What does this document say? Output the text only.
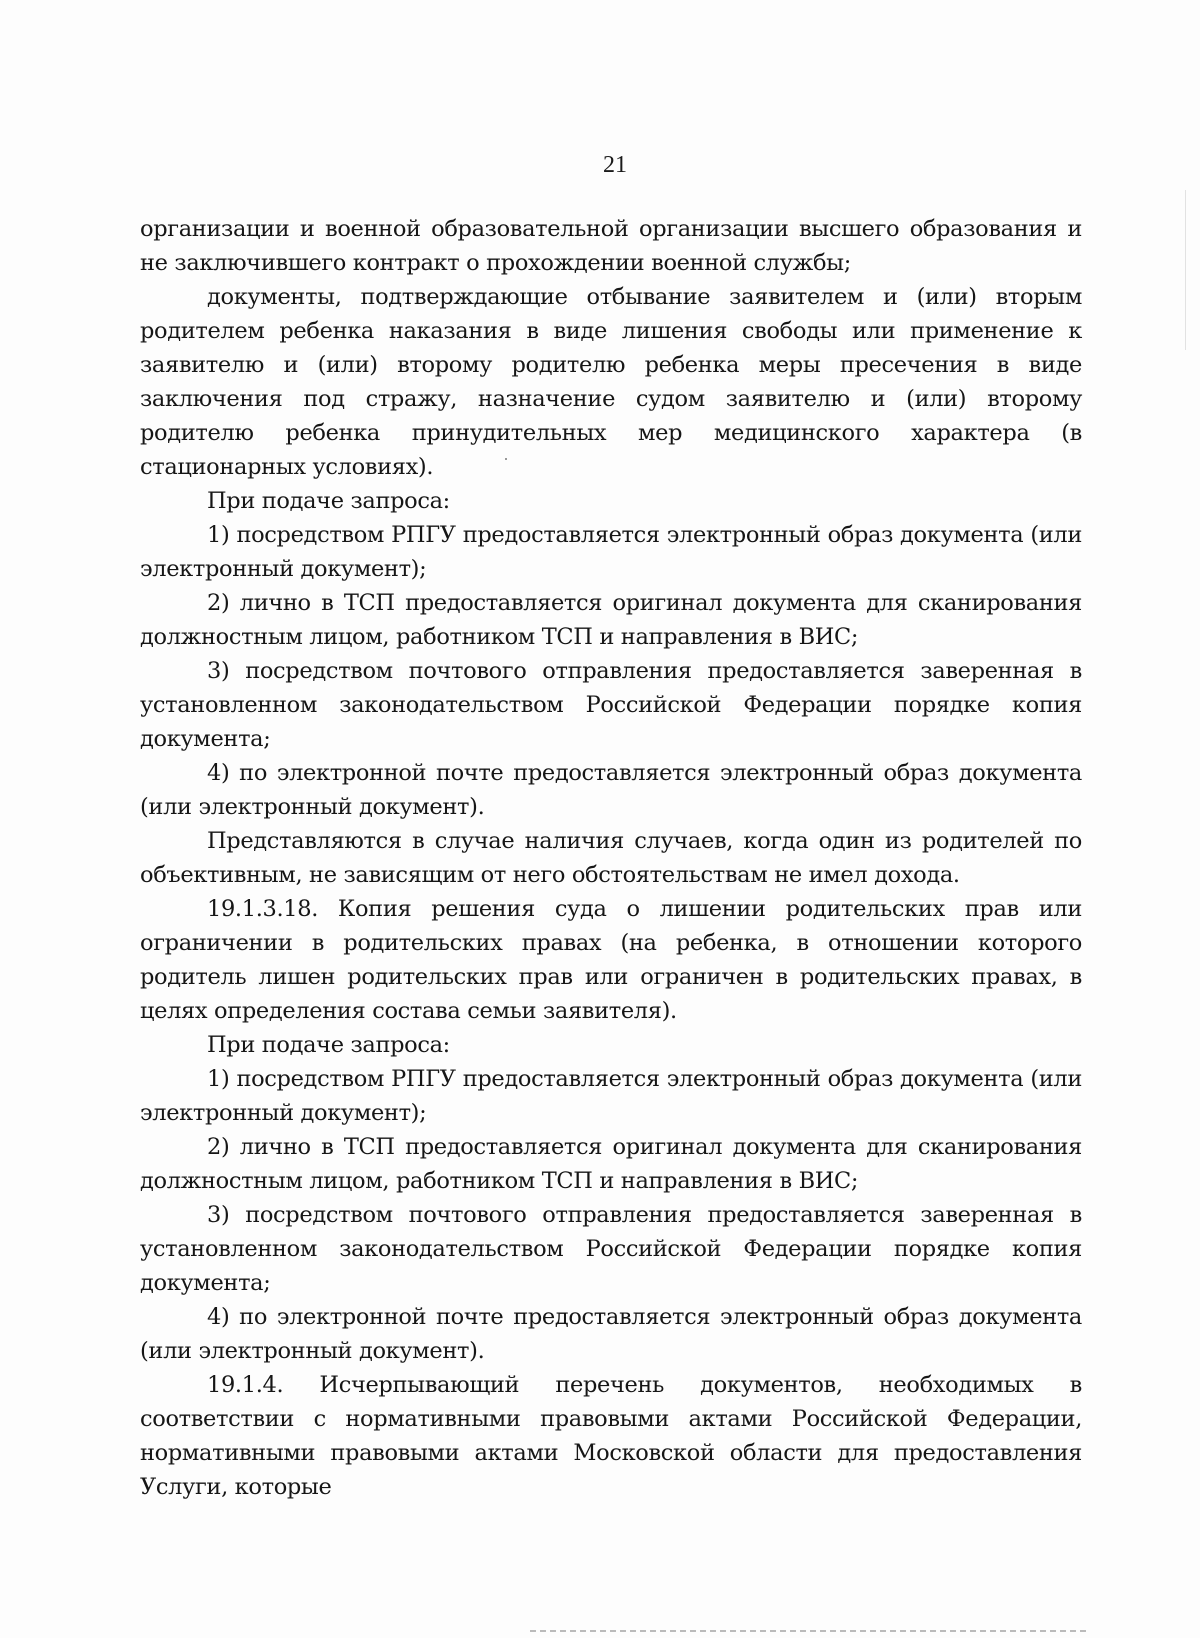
21

организации и военной образовательной организации высшего образования и не заключившего контракт о прохождении военной службы;

документы, подтверждающие отбывание заявителем и (или) вторым родителем ребенка наказания в виде лишения свободы или применение к заявителю и (или) второму родителю ребенка меры пресечения в виде заключения под стражу, назначение судом заявителю и (или) второму родителю ребенка принудительных мер медицинского характера (в стационарных условиях).

При подаче запроса:

1) посредством РПГУ предоставляется электронный образ документа (или электронный документ);

2) лично в ТСП предоставляется оригинал документа для сканирования должностным лицом, работником ТСП и направления в ВИС;

3) посредством почтового отправления предоставляется заверенная в установленном законодательством Российской Федерации порядке копия документа;

4) по электронной почте предоставляется электронный образ документа (или электронный документ).

Представляются в случае наличия случаев, когда один из родителей по объективным, не зависящим от него обстоятельствам не имел дохода.

19.1.3.18. Копия решения суда о лишении родительских прав или ограничении в родительских правах (на ребенка, в отношении которого родитель лишен родительских прав или ограничен в родительских правах, в целях определения состава семьи заявителя).

При подаче запроса:

1) посредством РПГУ предоставляется электронный образ документа (или электронный документ);

2) лично в ТСП предоставляется оригинал документа для сканирования должностным лицом, работником ТСП и направления в ВИС;

3) посредством почтового отправления предоставляется заверенная в установленном законодательством Российской Федерации порядке копия документа;

4) по электронной почте предоставляется электронный образ документа (или электронный документ).

19.1.4. Исчерпывающий перечень документов, необходимых в соответствии с нормативными правовыми актами Российской Федерации, нормативными правовыми актами Московской области для предоставления Услуги, которые
